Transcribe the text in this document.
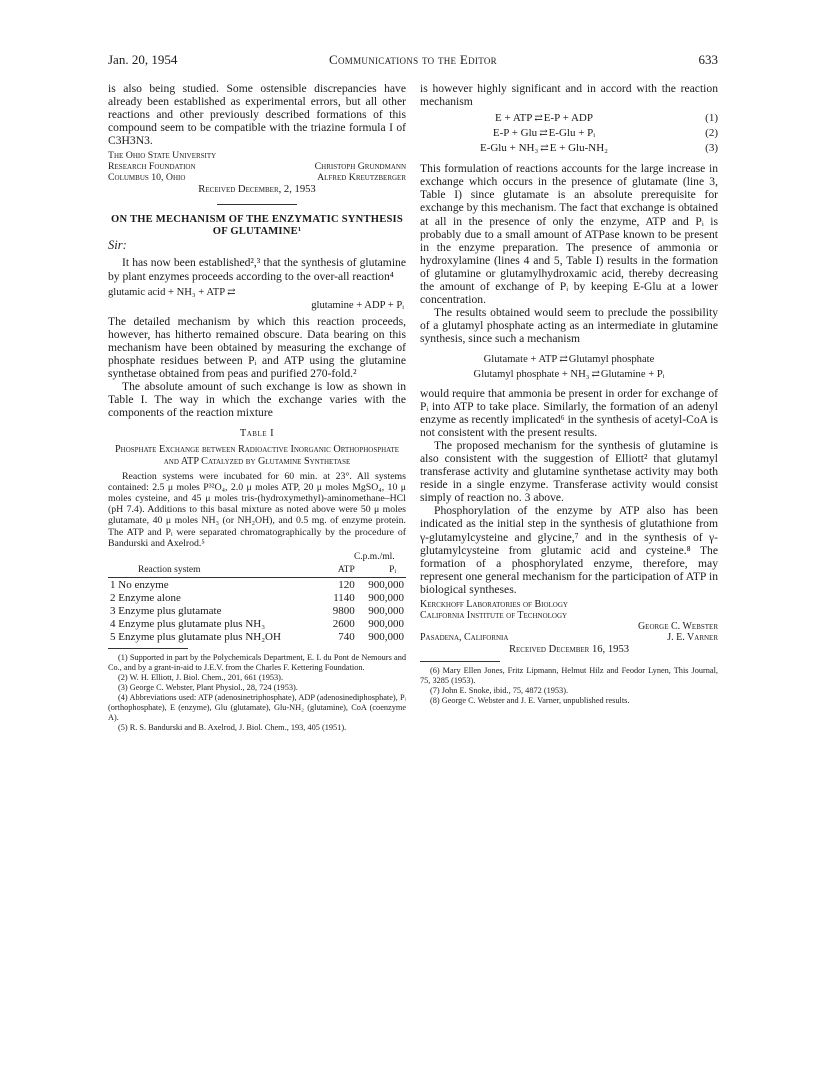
Jan. 20, 1954	Communications to the Editor	633

is also being studied. Some ostensible discrepancies have already been established as experimental errors, but all other reactions and other previously described formations of this compound seem to be compatible with the triazine formula I of C3H3N3.

The Ohio State University
Research Foundation	Christoph Grundmann
Columbus 10, Ohio	Alfred Kreutzberger
Received December, 2, 1953
ON THE MECHANISM OF THE ENZYMATIC SYNTHESIS OF GLUTAMINE¹
Sir:

It has now been established²,³ that the synthesis of glutamine by plant enzymes proceeds according to the over-all reaction⁴

glutamic acid + NH₃ + ATP ⇄
glutamine + ADP + Pᵢ

The detailed mechanism by which this reaction proceeds, however, has hitherto remained obscure. Data bearing on this mechanism have been obtained by measuring the exchange of phosphate residues between Pᵢ and ATP using the glutamine synthetase obtained from peas and purified 270-fold.²

The absolute amount of such exchange is low as shown in Table I. The way in which the exchange varies with the components of the reaction mixture

Table I
Phosphate Exchange between Radioactive Inorganic Orthophosphate and ATP Catalyzed by Glutamine Synthetase

Reaction systems were incubated for 60 min. at 23°. All systems contained: 2.5 μ moles P³²O₄, 2.0 μ moles ATP, 20 μ moles MgSO₄, 10 μ moles cysteine, and 45 μ moles tris-(hydroxymethyl)-aminomethane–HCl (pH 7.4). Additions to this basal mixture as noted above were 50 μ moles glutamate, 40 μ moles NH₃ (or NH₂OH), and 0.5 mg. of enzyme protein. The ATP and Pᵢ were separated chromatographically by the procedure of Bandurski and Axelrod.⁵

	C.p.m./ml.	
Reaction system	ATP	Pᵢ

1 No enzyme	120	900,000
2 Enzyme alone	1140	900,000
3 Enzyme plus glutamate	9800	900,000
4 Enzyme plus glutamate plus NH₃	2600	900,000
5 Enzyme plus glutamate plus NH₂OH	740	900,000

(1) Supported in part by the Polychemicals Department, E. I. du Pont de Nemours and Co., and by a grant-in-aid to J.E.V. from the Charles F. Kettering Foundation.

(2) W. H. Elliott, J. Biol. Chem., 201, 661 (1953).

(3) George C. Webster, Plant Physiol., 28, 724 (1953).

(4) Abbreviations used: ATP (adenosinetriphosphate), ADP (adenosinediphosphate), Pᵢ (orthophosphate), E (enzyme), Glu (glutamate), Glu-NH₂ (glutamine), CoA (coenzyme A).

(5) R. S. Bandurski and B. Axelrod, J. Biol. Chem., 193, 405 (1951).

is however highly significant and in accord with the reaction mechanism

E + ATP ⇄ E-P + ADP	(1)
E-P + Glu ⇄ E-Glu + Pᵢ	(2)
E-Glu + NH₃ ⇄ E + Glu-NH₂	(3)

This formulation of reactions accounts for the large increase in exchange which occurs in the presence of glutamate (line 3, Table I) since glutamate is an absolute prerequisite for exchange by this mechanism. The fact that exchange is obtained at all in the presence of only the enzyme, ATP and Pᵢ is probably due to a small amount of ATPase known to be present in the enzyme preparation. The presence of ammonia or hydroxylamine (lines 4 and 5, Table I) results in the formation of glutamine or glutamylhydroxamic acid, thereby decreasing the amount of exchange of Pᵢ by keeping E-Glu at a lower concentration.

The results obtained would seem to preclude the possibility of a glutamyl phosphate acting as an intermediate in glutamine synthesis, since such a mechanism

Glutamate + ATP ⇄ Glutamyl phosphate
Glutamyl phosphate + NH₃ ⇄ Glutamine + Pᵢ

would require that ammonia be present in order for exchange of Pᵢ into ATP to take place. Similarly, the formation of an adenyl enzyme as recently implicated⁶ in the synthesis of acetyl-CoA is not consistent with the present results.

The proposed mechanism for the synthesis of glutamine is also consistent with the suggestion of Elliott² that glutamyl transferase activity and glutamine synthetase activity may both reside in a single enzyme. Transferase activity would consist simply of reaction no. 3 above.

Phosphorylation of the enzyme by ATP also has been indicated as the initial step in the synthesis of glutathione from γ-glutamylcysteine and glycine,⁷ and in the synthesis of γ-glutamylcysteine from glutamic acid and cysteine.⁸ The formation of a phosphorylated enzyme, therefore, may represent one general mechanism for the participation of ATP in biological syntheses.

Kerckhoff Laboratories of Biology
California Institute of Technology
George C. Webster
Pasadena, California	J. E. Varner
Received December 16, 1953

(6) Mary Ellen Jones, Fritz Lipmann, Helmut Hilz and Feodor Lynen, This Journal, 75, 3285 (1953).

(7) John E. Snoke, ibid., 75, 4872 (1953).

(8) George C. Webster and J. E. Varner, unpublished results.
